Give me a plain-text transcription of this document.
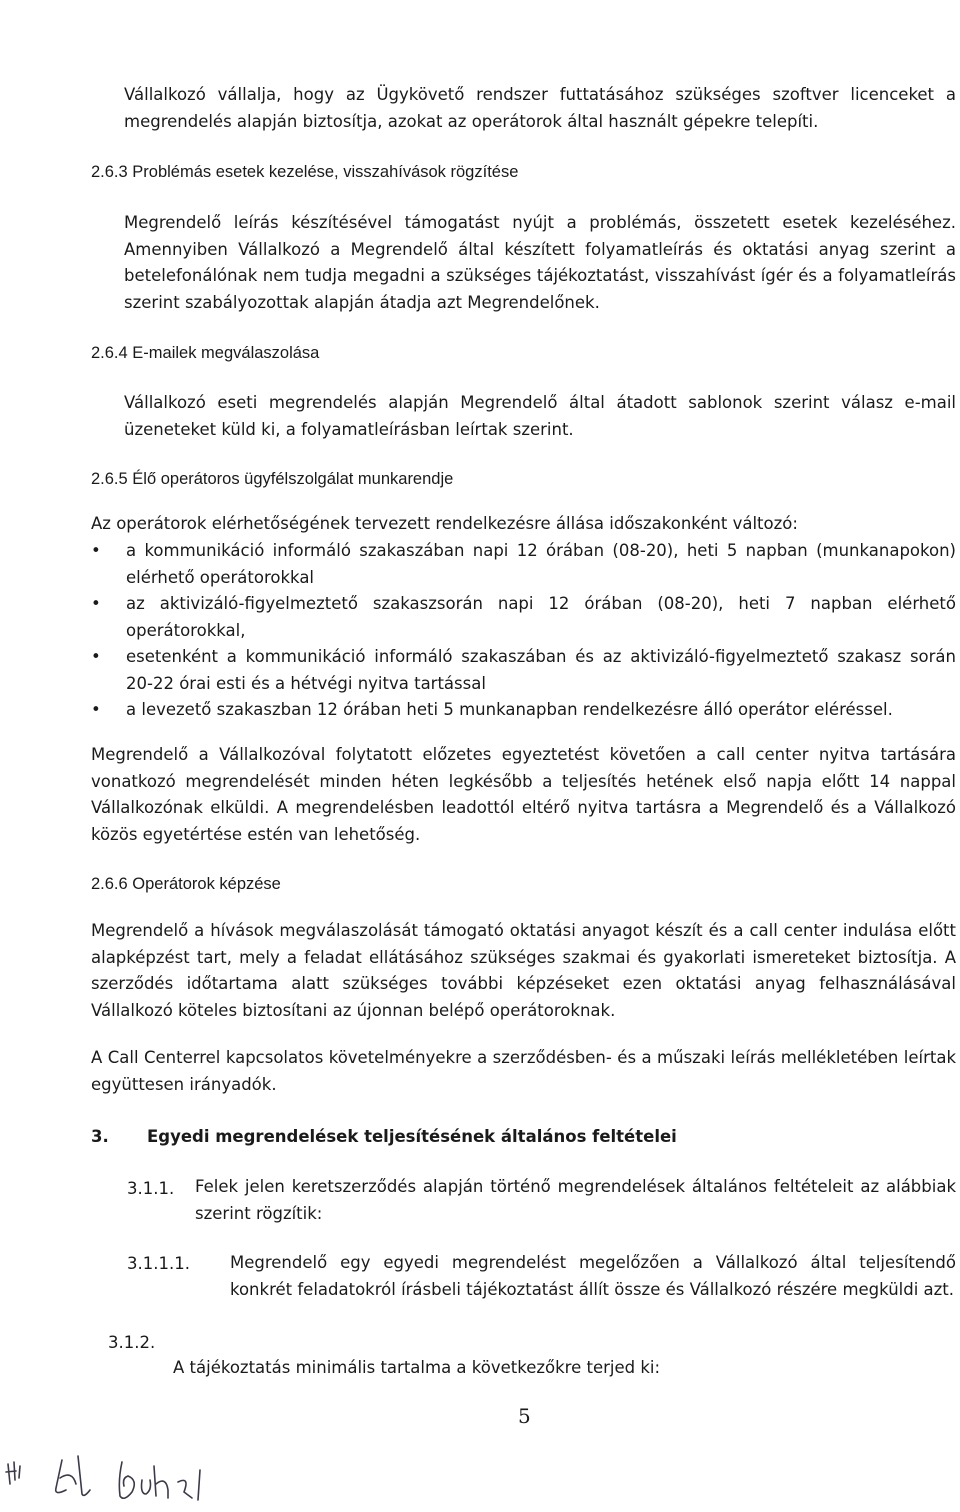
Vállalkozó vállalja, hogy az Ügykövető rendszer futtatásához szükséges szoftver licenceket a megrendelés alapján biztosítja, azokat az operátorok által használt gépekre telepíti.
2.6.3 Problémás esetek kezelése, visszahívások rögzítése
Megrendelő leírás készítésével támogatást nyújt a problémás, összetett esetek kezeléséhez. Amennyiben Vállalkozó a Megrendelő által készített folyamatleírás és oktatási anyag szerint a betelefonálónak nem tudja megadni a szükséges tájékoztatást, visszahívást ígér és a folyamatleírás szerint szabályozottak alapján átadja azt Megrendelőnek.
2.6.4 E-mailek megválaszolása
Vállalkozó eseti megrendelés alapján Megrendelő által átadott sablonok szerint válasz e-mail üzeneteket küld ki, a folyamatleírásban leírtak szerint.
2.6.5 Élő operátoros ügyfélszolgálat munkarendje
Az operátorok elérhetőségének tervezett rendelkezésre állása időszakonként változó:
• a kommunikáció informáló szakaszában napi 12 órában (08-20), heti 5 napban (munkanapokon) elérhető operátorokkal
• az aktivizáló-figyelmeztető szakaszsorán napi 12 órában (08-20), heti 7 napban elérhető operátorokkal,
• esetenként a kommunikáció informáló szakaszában és az aktivizáló-figyelmeztető szakasz során 20-22 órai esti és a hétvégi nyitva tartással
• a levezető szakaszban 12 órában heti 5 munkanapban rendelkezésre álló operátor eléréssel.
Megrendelő a Vállalkozóval folytatott előzetes egyeztetést követően a call center nyitva tartására vonatkozó megrendelését minden héten legkésőbb a teljesítés hetének első napja előtt 14 nappal Vállalkozónak elküldi. A megrendelésben leadottól eltérő nyitva tartásra a Megrendelő és a Vállalkozó közös egyetértése estén van lehetőség.
2.6.6 Operátorok képzése
Megrendelő a hívások megválaszolását támogató oktatási anyagot készít és a call center indulása előtt alapképzést tart, mely a feladat ellátásához szükséges szakmai és gyakorlati ismereteket biztosítja. A szerződés időtartama alatt szükséges további képzéseket ezen oktatási anyag felhasználásával Vállalkozó köteles biztosítani az újonnan belépő operátoroknak.
A Call Centerrel kapcsolatos követelményekre a szerződésben- és a műszaki leírás mellékletében leírtak együttesen irányadók.
3. Egyedi megrendelések teljesítésének általános feltételei
3.1.1. Felek jelen keretszerződés alapján történő megrendelések általános feltételeit az alábbiak szerint rögzítik:
3.1.1.1. Megrendelő egy egyedi megrendelést megelőzően a Vállalkozó által teljesítendő konkrét feladatokról írásbeli tájékoztatást állít össze és Vállalkozó részére megküldi azt.
3.1.2.
A tájékoztatás minimális tartalma a következőkre terjed ki:
5
